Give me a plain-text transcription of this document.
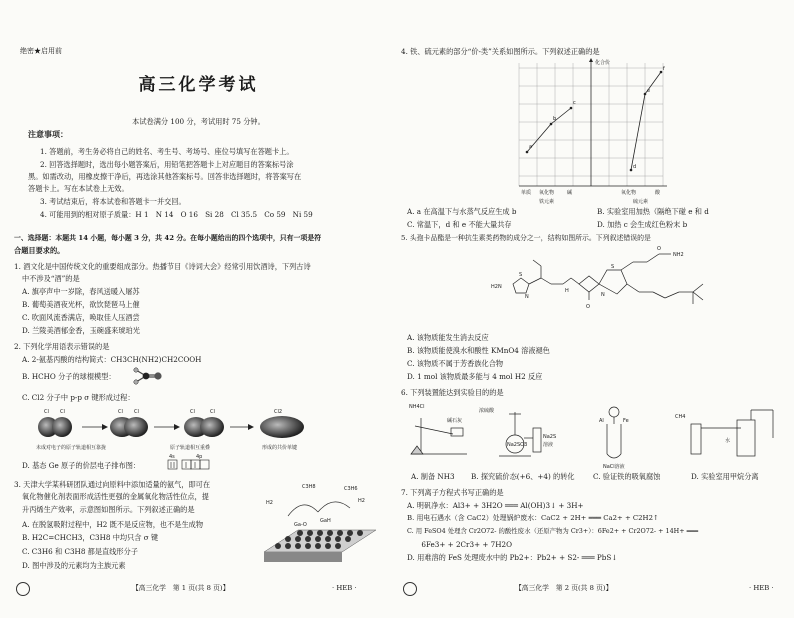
绝密★启用前
高三化学考试
本试卷满分 100 分，考试用时 75 分钟。
注意事项：
1. 答题前，考生务必将自己的姓名、考生号、考场号、座位号填写在答题卡上。
2. 回答选择题时，选出每小题答案后，用铅笔把答题卡上对应题目的答案标号涂
黑。如需改动，用橡皮擦干净后，再选涂其他答案标号。回答非选择题时，将答案写在
答题卡上。写在本试卷上无效。
3. 考试结束后，将本试卷和答题卡一并交回。
4. 可能用到的相对原子质量：H 1　N 14　O 16　Si 28　Cl 35.5　Co 59　Ni 59
一、选择题：本题共 14 小题，每小题 3 分，共 42 分。在每小题给出的四个选项中，只有一项是符
合题目要求的。
1. 酒文化是中国传统文化的重要组成部分。热播节目《诗词大会》经常引用饮酒诗，下列古诗
中不涉及“酒”的是
A. 旗亭声中一岁除，春风送暖入屠苏
B. 葡萄美酒夜光杯，欲饮琵琶马上催
C. 吹面风流香满店，唤取佳人压酒尝
D. 兰陵美酒郁金香，玉碗盛来琥珀光
2. 下列化学用语表示错误的是
A. 2-氨基丙酸的结构简式：CH3CH(NH2)CH2COOH
B. HCHO 分子的球棍模型：
C. Cl2 分子中 p-p σ 键形成过程：
Cl Cl	Cl Cl	Cl	Cl	Cl2
未成对电子的原子轨道相互靠拢	原子轨道相互重叠	形成的共价单键
D. 基态 Ge 原子的价层电子排布图：
4s	4p
3. 天津大学某科研团队通过向原料中添加适量的氨气，即可在
氧化物催化剂表面形成活性更强的金属氧化物活性位点，提
升丙烯生产效率，示意图如图所示。下列叙述正确的是
A. 在脱氢吸附过程中，H2 既不是反应物，也不是生成物
B. H2C=CHCH3，C3H8 中均只含 σ 键
C. C3H6 和 C3H8 都是直线形分子
D. 图中涉及的元素均为主族元素
C3H8	C3H6
H2	H2
GaH
Ga-O
【高三化学　第 1 页(共 8 页)】	· HEB ·
4. 铁、硫元素的部分“价-类”关系如图所示。下列叙述正确的是
化合价
a
b
c
d
e
f
单质 氧化物	碱	氧化物	酸
铁元素	硫元素
A. a 在高温下与水蒸气反应生成 b	B. 实验室用加热（隔绝下碰 e 和 d
C. 常温下，d 和 e 不能大量共存	D. 加热 c 会生成红色粉末 b
5. 头孢卡品酯是一种抗生素类药物的成分之一，结构如图所示。下列叙述错误的是
H2N
S
N
O
NH2
O
S
N
H
A. 该物质能发生消去反应
B. 该物质能使溴水和酸性 KMnO4 溶液褪色
C. 该物质不属于芳香族化合物
D. 1 mol 该物质最多能与 4 mol H2 反应
6. 下列装置能达到实验目的的是
NH4Cl
碱石灰
浓硫酸
Na2SO3
Na2S
溶液
Al	Fe
NaCl溶液
CH4
水
A. 制备 NH3 B. 探究硫价态(+6、+4) 的转化	C. 验证铁的吸氧腐蚀	D. 实验室用甲烷分离
7. 下列离子方程式书写正确的是
A. 明矾净水：Al3+ + 3H2O ═══ Al(OH)3↓ + 3H+
B. 用电石遇水（含 CaC2）处理锅炉废水：CaC2 + 2H+ ═══ Ca2+ + C2H2↑
C. 用 FeSO4 处理含 Cr2O72- 的酸性废水（还原产物为 Cr3+）：6Fe2+ + Cr2O72- + 14H+ ═══
　　6Fe3+ + 2Cr3+ + 7H2O
D. 用难溶的 FeS 处理废水中的 Pb2+：Pb2+ + S2- ═══ PbS↓
【高三化学　第 2 页(共 8 页)】	· HEB ·
